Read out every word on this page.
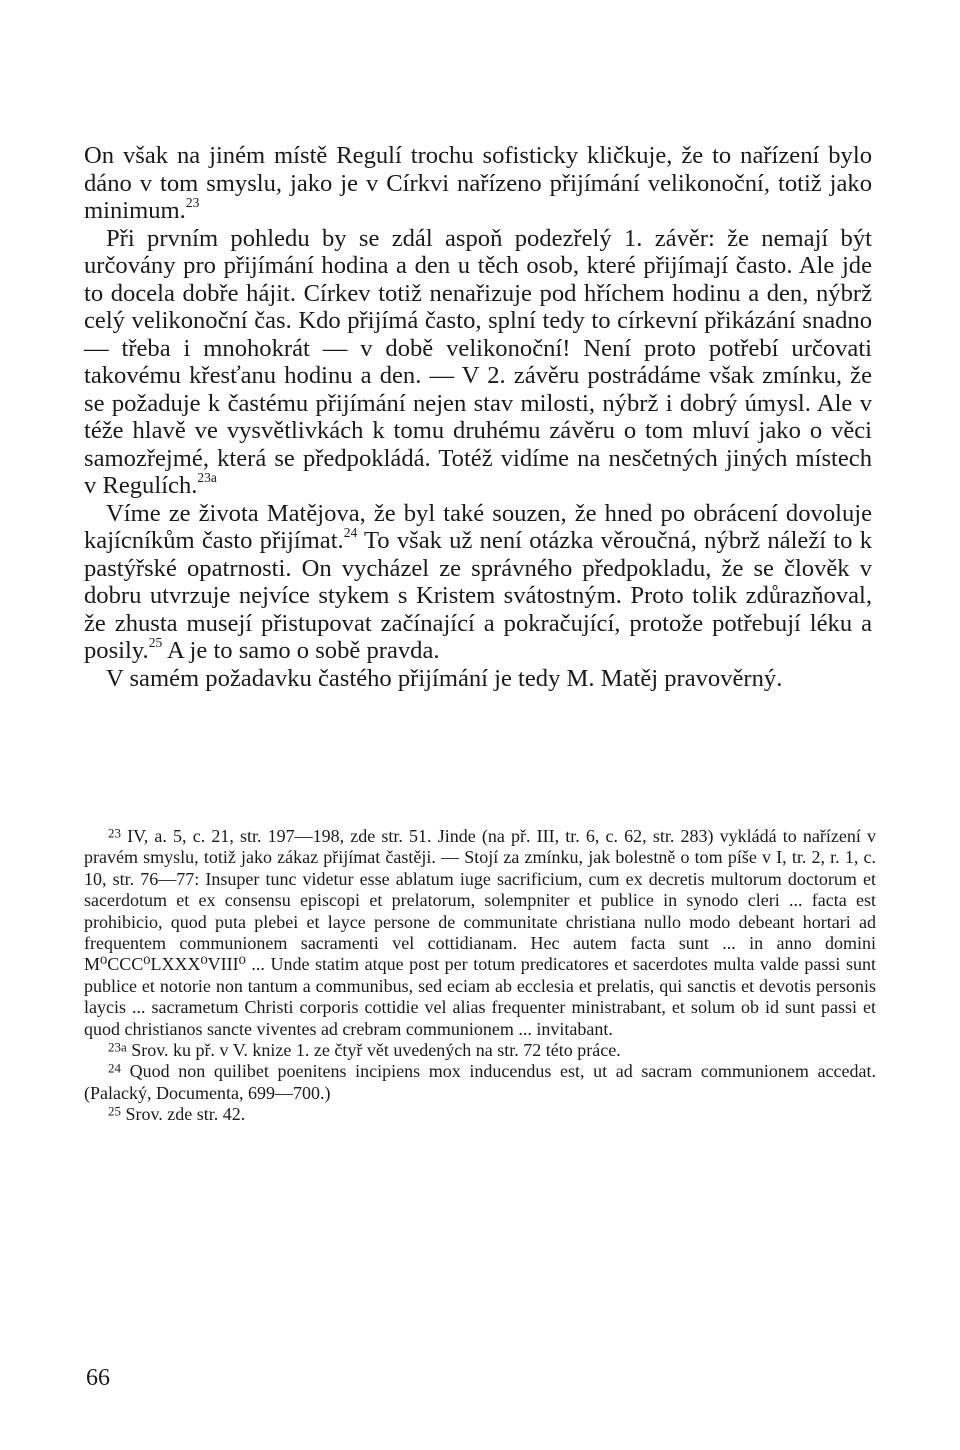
On však na jiném místě Regulí trochu sofisticky kličkuje, že to nařízení bylo dáno v tom smyslu, jako je v Církvi nařízeno přijímání velikonoční, totiž jako minimum.$^{23}$

Při prvním pohledu by se zdál aspoň podezřelý 1. závěr: že nemají být určovány pro přijímání hodina a den u těch osob, které přijímají často. Ale jde to docela dobře hájit. Církev totiž nenařizuje pod hříchem hodinu a den, nýbrž celý velikonoční čas. Kdo přijímá často, splní tedy to církevní přikázání snadno — třeba i mnohokrát — v době velikonoční! Není proto potřebí určovati takovému křesťanu hodinu a den. — V 2. závěru postrádáme však zmínku, že se požaduje k častému přijímání nejen stav milosti, nýbrž i dobrý úmysl. Ale v téže hlavě ve vysvětlivkách k tomu druhému závěru o tom mluví jako o věci samozřejmé, která se předpokládá. Totéž vidíme na nesčetných jiných místech v Regulích.$^{23a}$

Víme ze života Matějova, že byl také souzen, že hned po obrácení dovoluje kajícníkům často přijímat.$^{24}$ To však už není otázka věroučná, nýbrž náleží to k pastýřské opatrnosti. On vycházel ze správného předpokladu, že se člověk v dobru utvrzuje nejvíce stykem s Kristem svátostným. Proto tolik zdůrazňoval, že zhusta musejí přistupovat začínající a pokračující, protože potřebují léku a posily.$^{25}$ A je to samo o sobě pravda.

V samém požadavku častého přijímání je tedy M. Matěj pravověrný.

$^{23}$ IV, a. 5, c. 21, str. 197—198, zde str. 51. Jinde (na př. III, tr. 6, c. 62, str. 283) vykládá to nařízení v pravém smyslu, totiž jako zákaz přijímat častěji. — Stojí za zmínku, jak bolestně o tom píše v I, tr. 2, r. 1, c. 10, str. 76—77: Insuper tunc videtur esse ablatum iuge sacrificium, cum ex decretis multorum doctorum et sacerdotum et ex consensu episcopi et prelatorum, solempniter et publice in synodo cleri ... facta est prohibicio, quod puta plebei et layce persone de communitate christiana nullo modo debeant hortari ad frequentem communionem sacramenti vel cottidianam. Hec autem facta sunt ... in anno domini M⁰CCC⁰LXXX⁰VIII⁰ ... Unde statim atque post per totum predicatores et sacerdotes multa valde passi sunt publice et notorie non tantum a communibus, sed eciam ab ecclesia et prelatis, qui sanctis et devotis personis laycis ... sacrametum Christi corporis cottidie vel alias frequenter ministrabant, et solum ob id sunt passi et quod christianos sancte viventes ad crebram communionem ... invitabant.

$^{23a}$ Srov. ku př. v V. knize 1. ze čtyř vět uvedených na str. 72 této práce.

$^{24}$ Quod non quilibet poenitens incipiens mox inducendus est, ut ad sacram communionem accedat. (Palacký, Documenta, 699—700.)

$^{25}$ Srov. zde str. 42.

66
